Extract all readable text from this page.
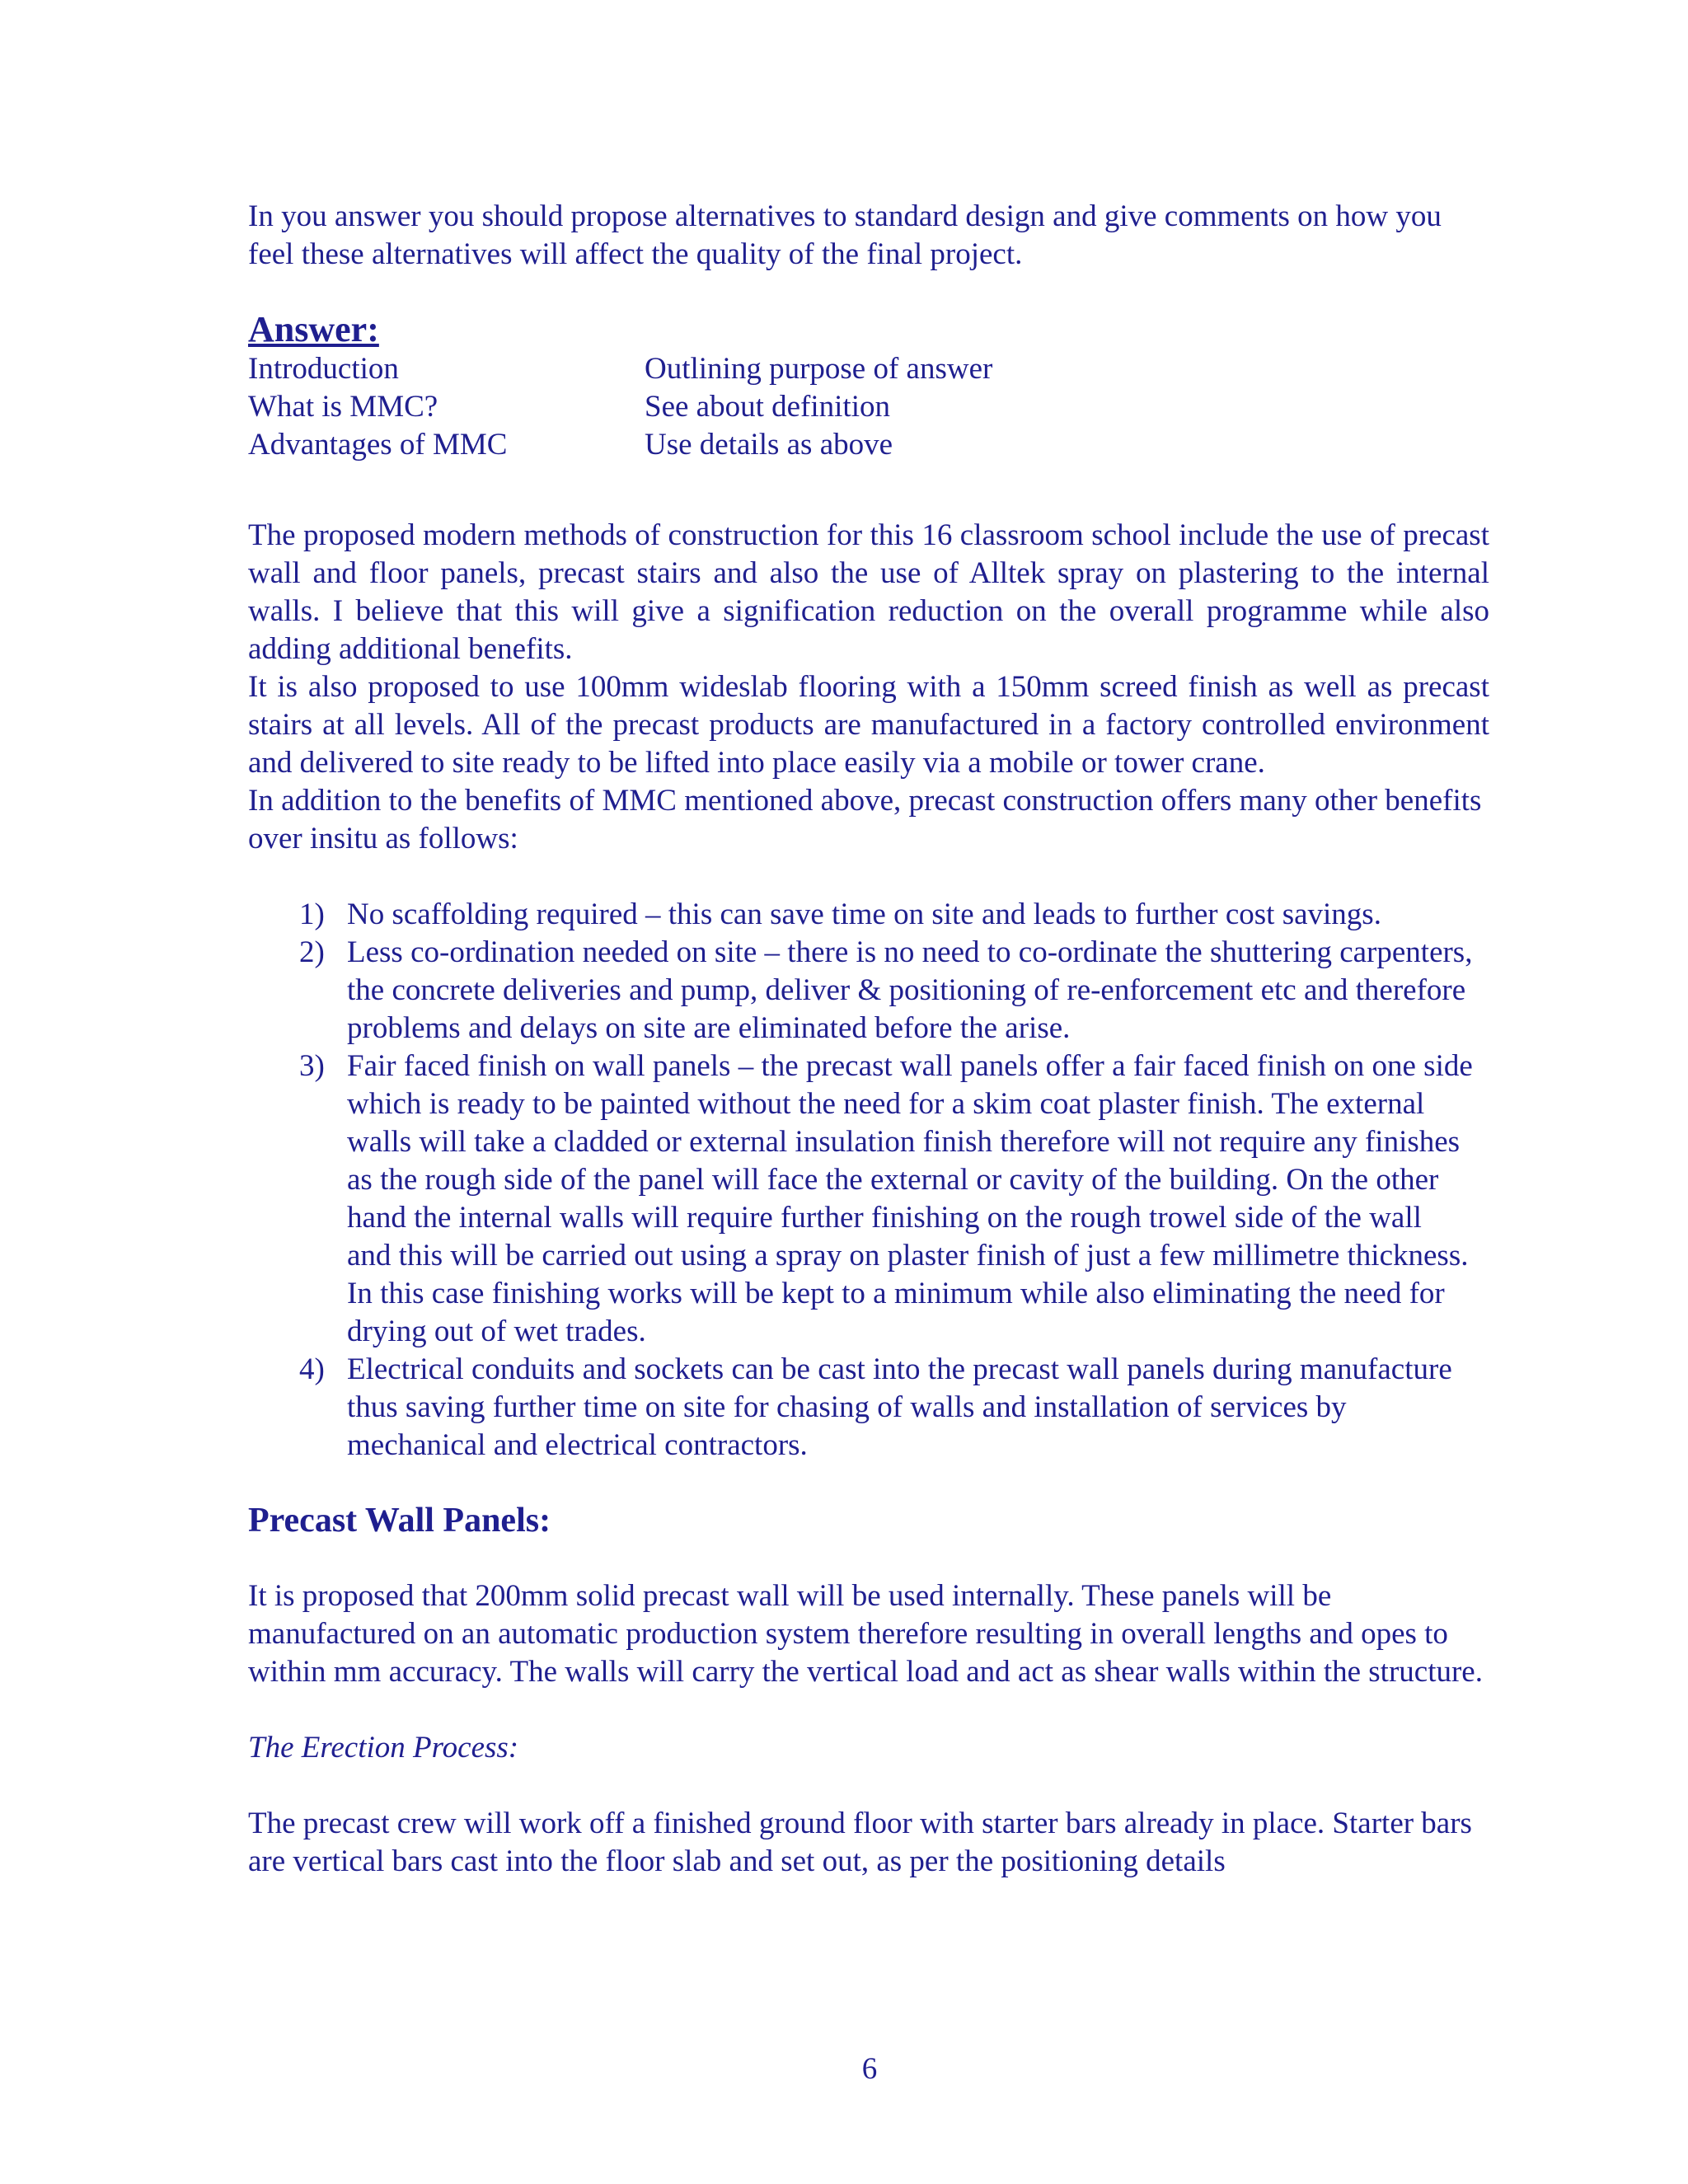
In you answer you should propose alternatives to standard design and give comments on how you feel these alternatives will affect the quality of the final project.

Answer:
Introduction	Outlining purpose of answer
What is MMC?	See about definition
Advantages of MMC	Use details as above

The proposed modern methods of construction for this 16 classroom school include the use of precast wall and floor panels, precast stairs and also the use of Alltek spray on plastering to the internal walls. I believe that this will give a signification reduction on the overall programme while also adding additional benefits.

It is also proposed to use 100mm wideslab flooring with a 150mm screed finish as well as precast stairs at all levels. All of the precast products are manufactured in a factory controlled environment and delivered to site ready to be lifted into place easily via a mobile or tower crane.

In addition to the benefits of MMC mentioned above, precast construction offers many other benefits over insitu as follows:

1) No scaffolding required – this can save time on site and leads to further cost savings.
2) Less co-ordination needed on site – there is no need to co-ordinate the shuttering carpenters, the concrete deliveries and pump, deliver & positioning of re-enforcement etc and therefore problems and delays on site are eliminated before the arise.
3) Fair faced finish on wall panels – the precast wall panels offer a fair faced finish on one side which is ready to be painted without the need for a skim coat plaster finish. The external walls will take a cladded or external insulation finish therefore will not require any finishes as the rough side of the panel will face the external or cavity of the building. On the other hand the internal walls will require further finishing on the rough trowel side of the wall and this will be carried out using a spray on plaster finish of just a few millimetre thickness. In this case finishing works will be kept to a minimum while also eliminating the need for drying out of wet trades.
4) Electrical conduits and sockets can be cast into the precast wall panels during manufacture thus saving further time on site for chasing of walls and installation of services by mechanical and electrical contractors.
Precast Wall Panels:

It is proposed that 200mm solid precast wall will be used internally. These panels will be manufactured on an automatic production system therefore resulting in overall lengths and opes to within mm accuracy. The walls will carry the vertical load and act as shear walls within the structure.

The Erection Process:

The precast crew will work off a finished ground floor with starter bars already in place. Starter bars are vertical bars cast into the floor slab and set out, as per the positioning details

6
